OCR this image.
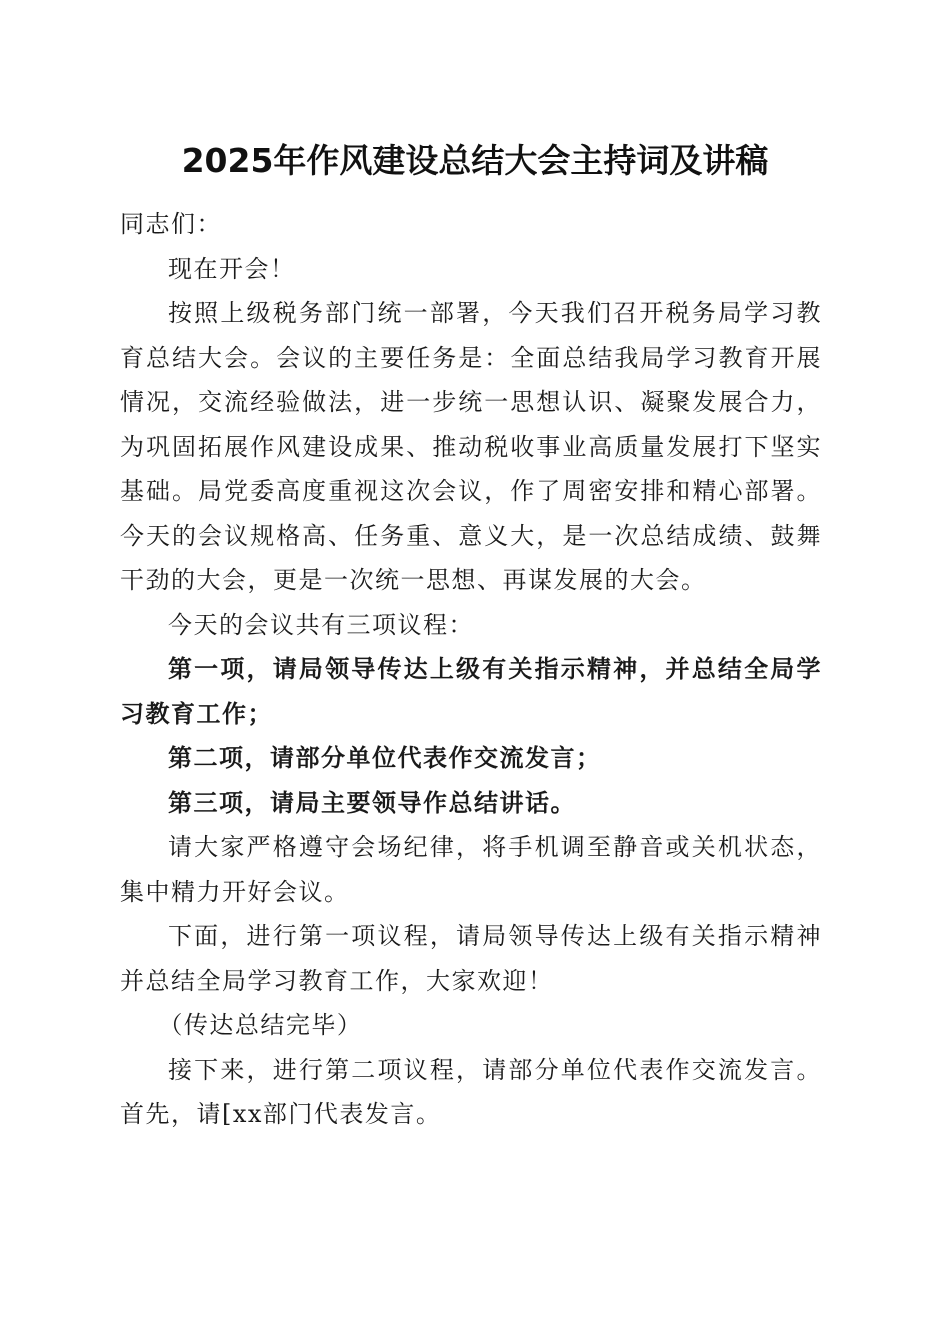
2025年作风建设总结大会主持词及讲稿

同志们：

现在开会！

按照上级税务部门统一部署，今天我们召开税务局学习教育总结大会。会议的主要任务是：全面总结我局学习教育开展情况，交流经验做法，进一步统一思想认识、凝聚发展合力，为巩固拓展作风建设成果、推动税收事业高质量发展打下坚实基础。局党委高度重视这次会议，作了周密安排和精心部署。今天的会议规格高、任务重、意义大，是一次总结成绩、鼓舞干劲的大会，更是一次统一思想、再谋发展的大会。

今天的会议共有三项议程：

第一项，请局领导传达上级有关指示精神，并总结全局学习教育工作；

第二项，请部分单位代表作交流发言；

第三项，请局主要领导作总结讲话。

请大家严格遵守会场纪律，将手机调至静音或关机状态，集中精力开好会议。

下面，进行第一项议程，请局领导传达上级有关指示精神并总结全局学习教育工作，大家欢迎！

（传达总结完毕）

接下来，进行第二项议程，请部分单位代表作交流发言。首先，请[xx部门代表发言。
